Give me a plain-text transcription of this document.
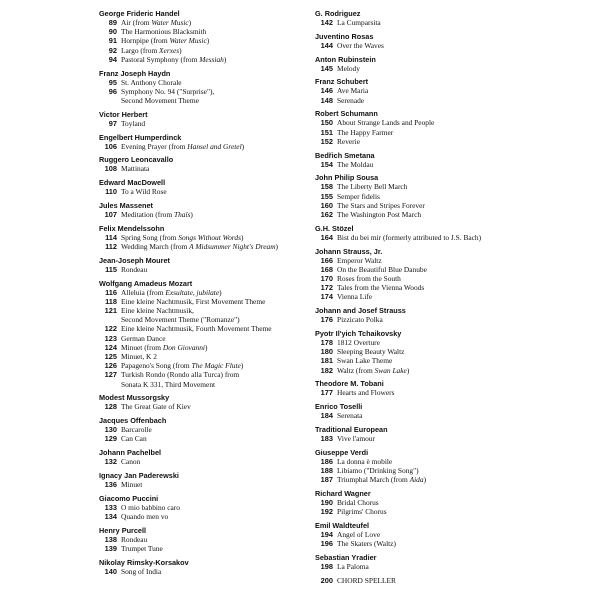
George Frideric Handel
89 Air (from Water Music)
90 The Harmonious Blacksmith
91 Hornpipe (from Water Music)
92 Largo (from Xerxes)
94 Pastoral Symphony (from Messiah)
Franz Joseph Haydn
95 St. Anthony Chorale
96 Symphony No. 94 ("Surprise"),
Second Movement Theme
Victor Herbert
97 Toyland
Engelbert Humperdinck
106 Evening Prayer (from Hansel and Gretel)
Ruggero Leoncavallo
108 Mattinata
Edward MacDowell
110 To a Wild Rose
Jules Massenet
107 Meditation (from Thaïs)
Felix Mendelssohn
114 Spring Song (from Songs Without Words)
112 Wedding March (from A Midsummer Night's Dream)
Jean-Joseph Mouret
115 Rondeau
Wolfgang Amadeus Mozart
116 Alleluia (from Exsultate, jubilate)
118 Eine kleine Nachtmusik, First Movement Theme
121 Eine kleine Nachtmusik,
Second Movement Theme ("Romanze")
122 Eine kleine Nachtmusik, Fourth Movement Theme
123 German Dance
124 Minuet (from Don Giovanni)
125 Minuet, K 2
126 Papageno's Song (from The Magic Flute)
127 Turkish Rondo (Rondo alla Turca) from
Sonata K 331, Third Movement
Modest Mussorgsky
128 The Great Gate of Kiev
Jacques Offenbach
130 Barcarolle
129 Can Can
Johann Pachelbel
132 Canon
Ignacy Jan Paderewski
136 Minuet
Giacomo Puccini
133 O mio babbino caro
134 Quando men vo
Henry Purcell
138 Rondeau
139 Trumpet Tune
Nikolay Rimsky-Korsakov
140 Song of India
G. Rodriguez
142 La Cumparsita
Juventino Rosas
144 Over the Waves
Anton Rubinstein
145 Melody
Franz Schubert
146 Ave Maria
148 Serenade
Robert Schumann
150 About Strange Lands and People
151 The Happy Farmer
152 Reverie
Bedřich Smetana
154 The Moldau
John Philip Sousa
158 The Liberty Bell March
155 Semper fidelis
160 The Stars and Stripes Forever
162 The Washington Post March
G.H. Stözel
164 Bist du bei mir (formerly attributed to J.S. Bach)
Johann Strauss, Jr.
166 Emperor Waltz
168 On the Beautiful Blue Danube
170 Roses from the South
172 Tales from the Vienna Woods
174 Vienna Life
Johann and Josef Strauss
176 Pizzicato Polka
Pyotr Il'yich Tchaikovsky
178 1812 Overture
180 Sleeping Beauty Waltz
181 Swan Lake Theme
182 Waltz (from Swan Lake)
Theodore M. Tobani
177 Hearts and Flowers
Enrico Toselli
184 Serenata
Traditional European
183 Vive l'amour
Giuseppe Verdi
186 La donna è mobile
188 Libiamo ("Drinking Song")
187 Triumphal March (from Aida)
Richard Wagner
190 Bridal Chorus
192 Pilgrims' Chorus
Emil Waldteufel
194 Angel of Love
196 The Skaters (Waltz)
Sebastian Yradier
198 La Paloma
200 CHORD SPELLER
